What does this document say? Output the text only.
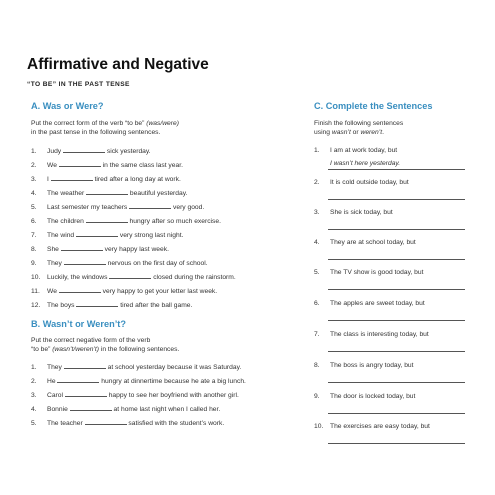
Affirmative and Negative
“TO BE” IN THE PAST TENSE
A. Was or Were?
Put the correct form of the verb “to be” (was/were)
in the past tense in the following sentences.
1. Judy	sick yesterday.
2. We	in the same class last year.
3. I	tired after a long day at work.
4. The weather	beautiful yesterday.
5. Last semester my teachers	very good.
6. The children	hungry after so much exercise.
7. The wind	very strong last night.
8. She	very happy last week.
9. They	nervous on the first day of school.
10. Luckily, the windows	closed during the rainstorm.
11. We	very happy to get your letter last week.
12. The boys	tired after the ball game.
B. Wasn’t or Weren’t?
Put the correct negative form of the verb
“to be” (wasn’t/weren’t) in the following sentences.
1. They	at school yesterday because it was Saturday.
2. He	hungry at dinnertime because he ate a big lunch.
3. Carol	happy to see her boyfriend with another girl.
4. Bonnie	at home last night when I called her.
5. The teacher	satisfied with the student’s work.
C. Complete the Sentences
Finish the following sentences
using wasn’t or weren’t.
1. I am at work today, but
I wasn’t here yesterday.
2. It is cold outside today, but
3. She is sick today, but
4. They are at school today, but
5. The TV show is good today, but
6. The apples are sweet today, but
7. The class is interesting today, but
8. The boss is angry today, but
9. The door is locked today, but
10. The exercises are easy today, but
